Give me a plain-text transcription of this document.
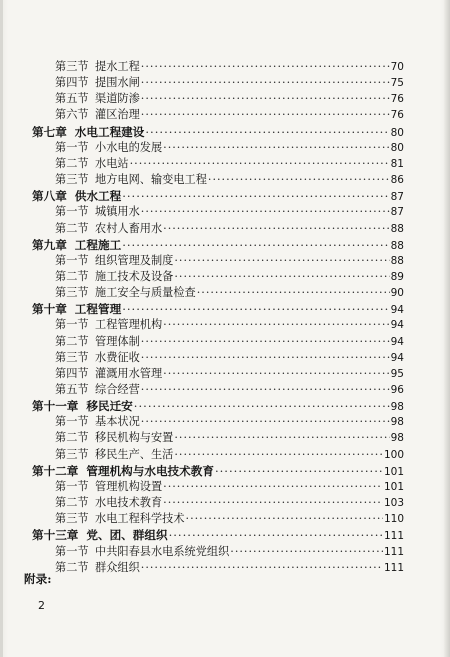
第三节 提水工程 ·····	70
第四节 提围水闸 ·····	75
第五节 渠道防渗 ·····	76
第六节 灌区治理 ·····	76
第七章 水电工程建设 ·····	80
第一节 小水电的发展 ·····	80
第二节 水电站 ·····	81
第三节 地方电网、输变电工程 ·····	86
第八章 供水工程 ·····	87
第一节 城镇用水 ·····	87
第二节 农村人畜用水 ·····	88
第九章 工程施工 ·····	88
第一节 组织管理及制度 ·····	88
第二节 施工技术及设备 ·····	89
第三节 施工安全与质量检查 ·····	90
第十章 工程管理 ·····	94
第一节 工程管理机构 ·····	94
第二节 管理体制 ·····	94
第三节 水费征收 ·····	94
第四节 灌溉用水管理 ·····	95
第五节 综合经营 ·····	96
第十一章 移民迁安 ·····	98
第一节 基本状况 ·····	98
第二节 移民机构与安置 ·····	98
第三节 移民生产、生活 ·····	100
第十二章 管理机构与水电技术教育 ·····	101
第一节 管理机构设置 ·····	101
第二节 水电技术教育 ·····	103
第三节 水电工程科学技术 ·····	110
第十三章 党、团、群组织 ·····	111
第一节 中共阳春县水电系统党组织 ·····	111
第二节 群众组织 ·····	111
附录:
2
